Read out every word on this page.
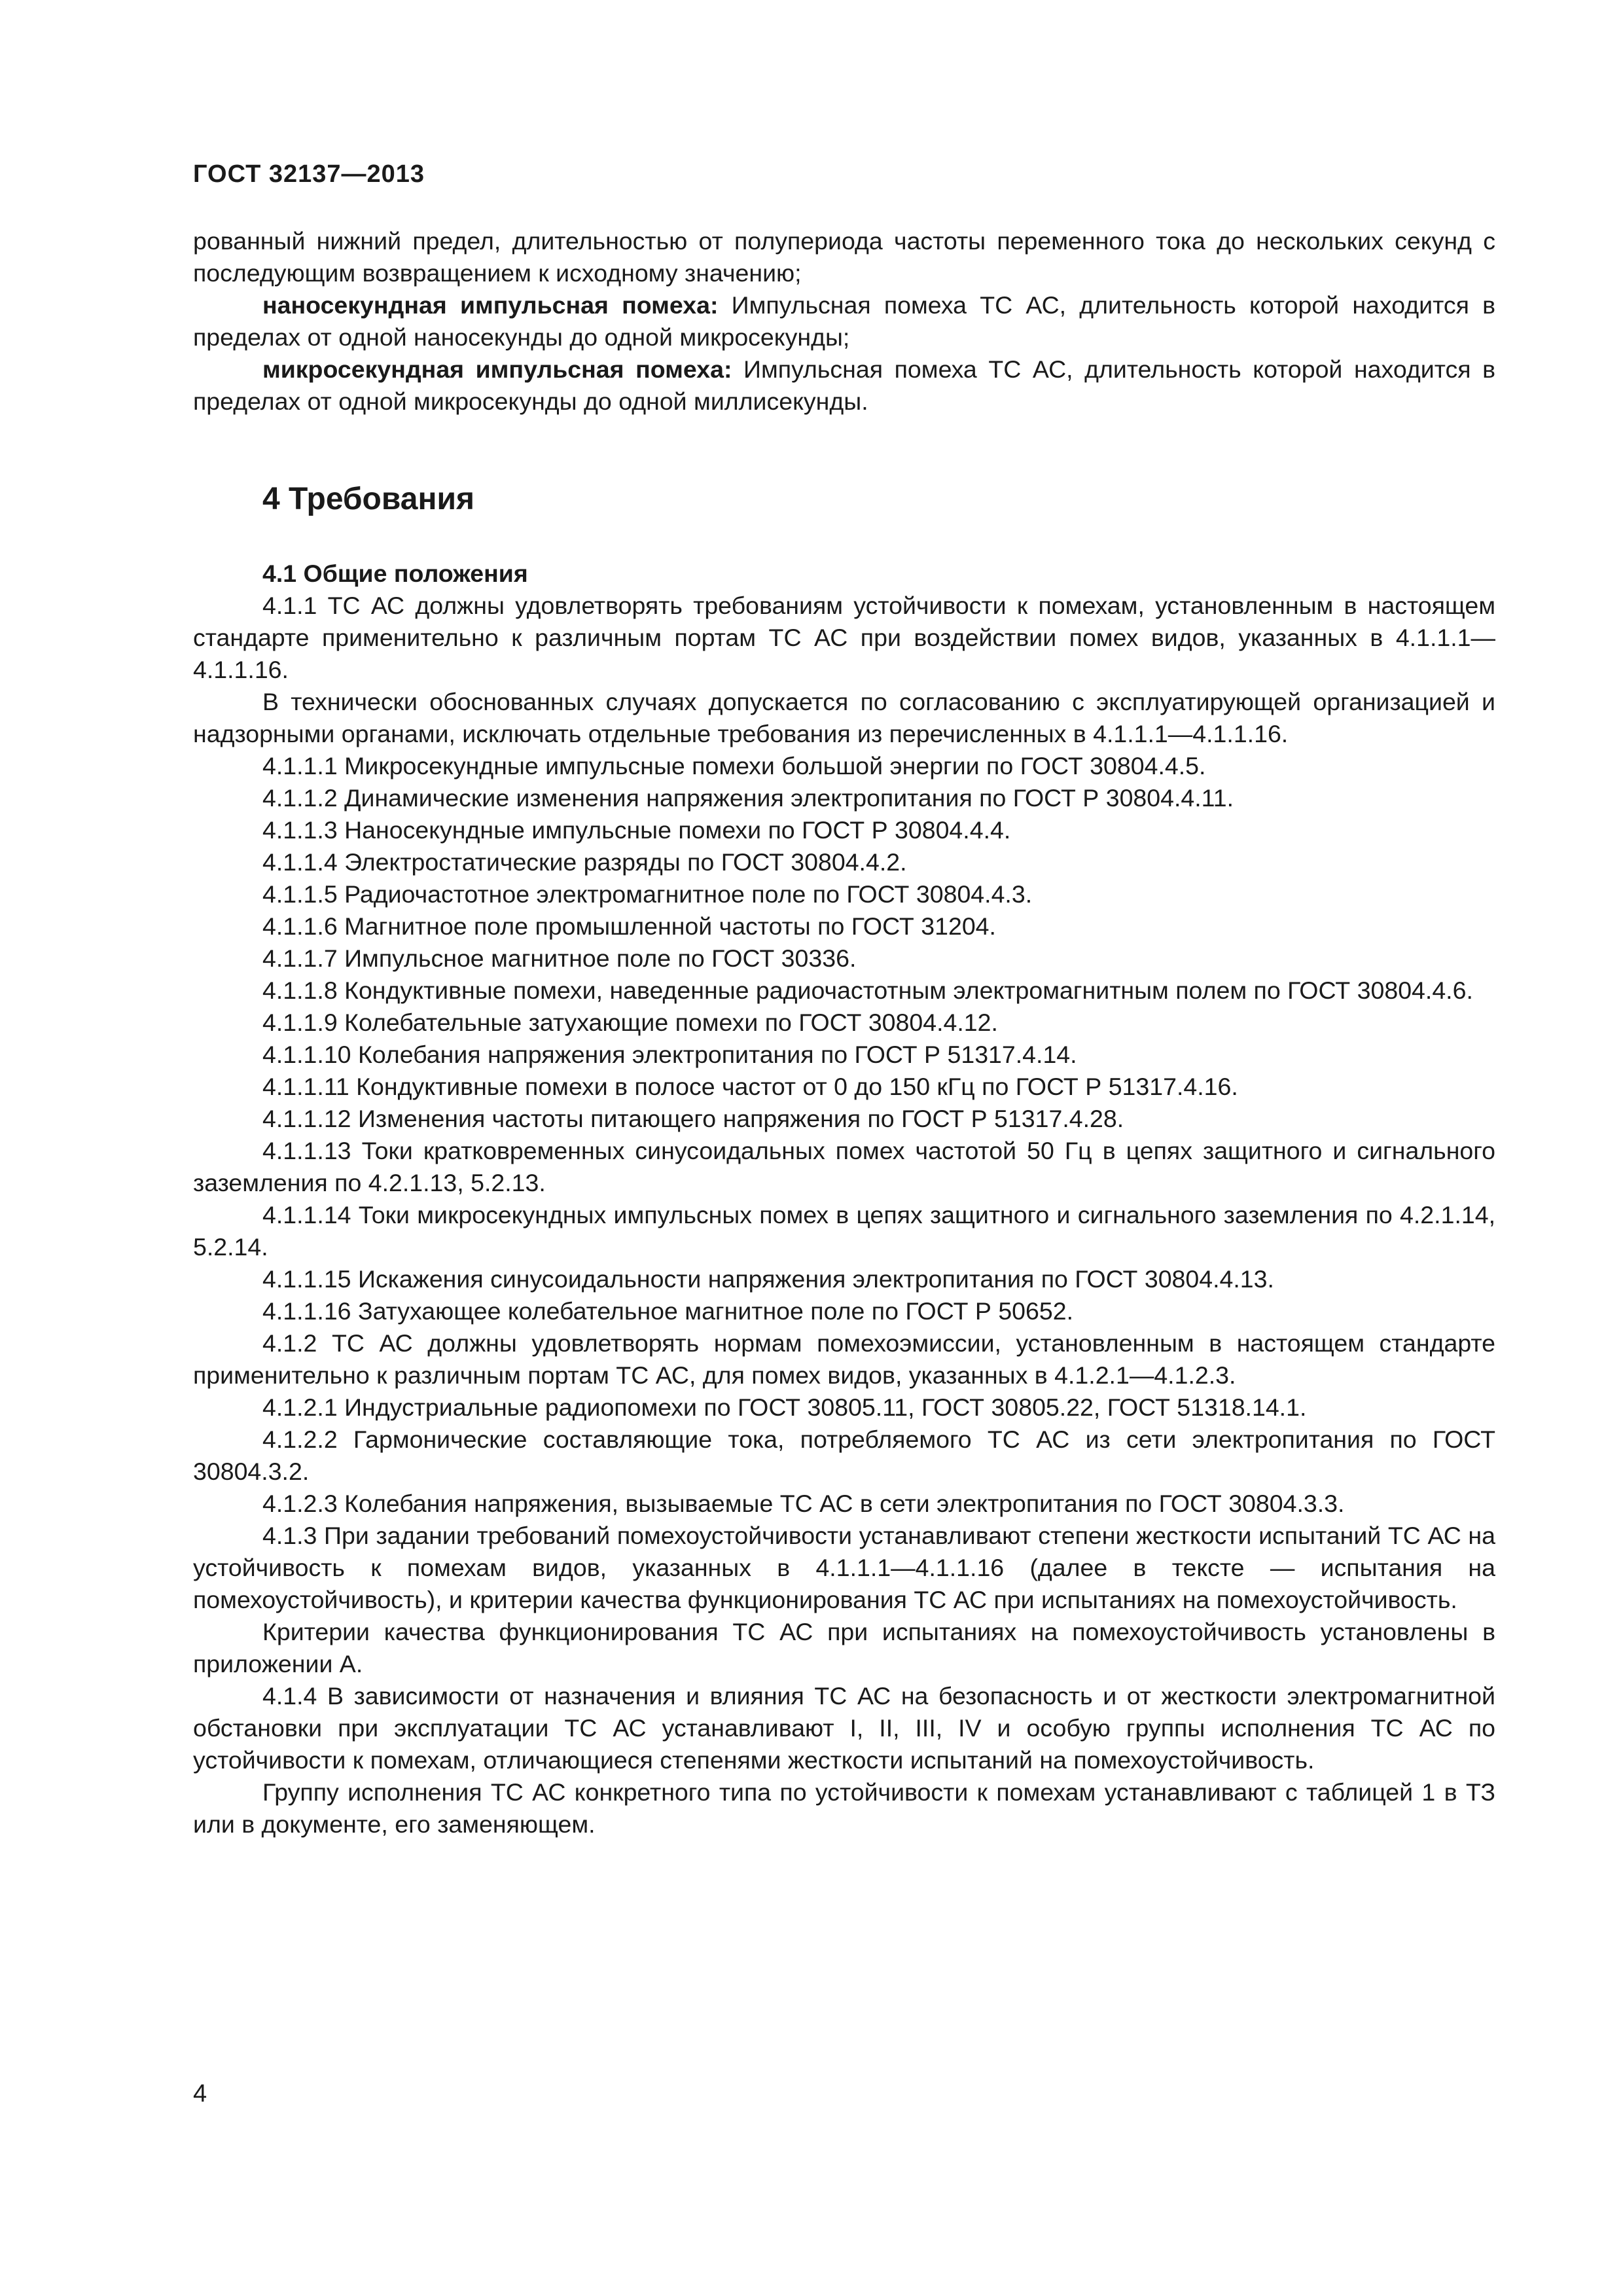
ГОСТ 32137—2013

рованный нижний предел, длительностью от полупериода частоты переменного тока до нескольких секунд с последующим возвращением к исходному значению;

наносекундная импульсная помеха: Импульсная помеха ТС АС, длительность которой находится в пределах от одной наносекунды до одной микросекунды;

микросекундная импульсная помеха: Импульсная помеха ТС АС, длительность которой находится в пределах от одной микросекунды до одной миллисекунды.

4 Требования

4.1 Общие положения

4.1.1 ТС АС должны удовлетворять требованиям устойчивости к помехам, установленным в настоящем стандарте применительно к различным портам ТС АС при воздействии помех видов, указанных в 4.1.1.1—4.1.1.16.

В технически обоснованных случаях допускается по согласованию с эксплуатирующей организацией и надзорными органами, исключать отдельные требования из перечисленных в 4.1.1.1—4.1.1.16.

4.1.1.1 Микросекундные импульсные помехи большой энергии по ГОСТ 30804.4.5.

4.1.1.2 Динамические изменения напряжения электропитания по ГОСТ Р 30804.4.11.

4.1.1.3 Наносекундные импульсные помехи по ГОСТ Р 30804.4.4.

4.1.1.4 Электростатические разряды по ГОСТ 30804.4.2.

4.1.1.5 Радиочастотное электромагнитное поле по ГОСТ 30804.4.3.

4.1.1.6 Магнитное поле промышленной частоты по ГОСТ 31204.

4.1.1.7 Импульсное магнитное поле по ГОСТ 30336.

4.1.1.8 Кондуктивные помехи, наведенные радиочастотным электромагнитным полем по ГОСТ 30804.4.6.

4.1.1.9 Колебательные затухающие помехи по ГОСТ 30804.4.12.

4.1.1.10 Колебания напряжения электропитания по ГОСТ Р 51317.4.14.

4.1.1.11 Кондуктивные помехи в полосе частот от 0 до 150 кГц по ГОСТ Р 51317.4.16.

4.1.1.12 Изменения частоты питающего напряжения по ГОСТ Р 51317.4.28.

4.1.1.13 Токи кратковременных синусоидальных помех частотой 50 Гц в цепях защитного и сигнального заземления по 4.2.1.13, 5.2.13.

4.1.1.14 Токи микросекундных импульсных помех в цепях защитного и сигнального заземления по 4.2.1.14, 5.2.14.

4.1.1.15 Искажения синусоидальности напряжения электропитания по ГОСТ 30804.4.13.

4.1.1.16 Затухающее колебательное магнитное поле по ГОСТ Р 50652.

4.1.2 ТС АС должны удовлетворять нормам помехоэмиссии, установленным в настоящем стандарте применительно к различным портам ТС АС, для помех видов, указанных в 4.1.2.1—4.1.2.3.

4.1.2.1 Индустриальные радиопомехи по ГОСТ 30805.11, ГОСТ 30805.22, ГОСТ 51318.14.1.

4.1.2.2 Гармонические составляющие тока, потребляемого ТС АС из сети электропитания по ГОСТ 30804.3.2.

4.1.2.3 Колебания напряжения, вызываемые ТС АС в сети электропитания по ГОСТ 30804.3.3.

4.1.3 При задании требований помехоустойчивости устанавливают степени жесткости испытаний ТС АС на устойчивость к помехам видов, указанных в 4.1.1.1—4.1.1.16 (далее в тексте — испытания на помехоустойчивость), и критерии качества функционирования ТС АС при испытаниях на помехоустойчивость.

Критерии качества функционирования ТС АС при испытаниях на помехоустойчивость установлены в приложении А.

4.1.4 В зависимости от назначения и влияния ТС АС на безопасность и от жесткости электромагнитной обстановки при эксплуатации ТС АС устанавливают I, II, III, IV и особую группы исполнения ТС АС по устойчивости к помехам, отличающиеся степенями жесткости испытаний на помехоустойчивость.

Группу исполнения ТС АС конкретного типа по устойчивости к помехам устанавливают с таблицей 1 в ТЗ или в документе, его заменяющем.

4
